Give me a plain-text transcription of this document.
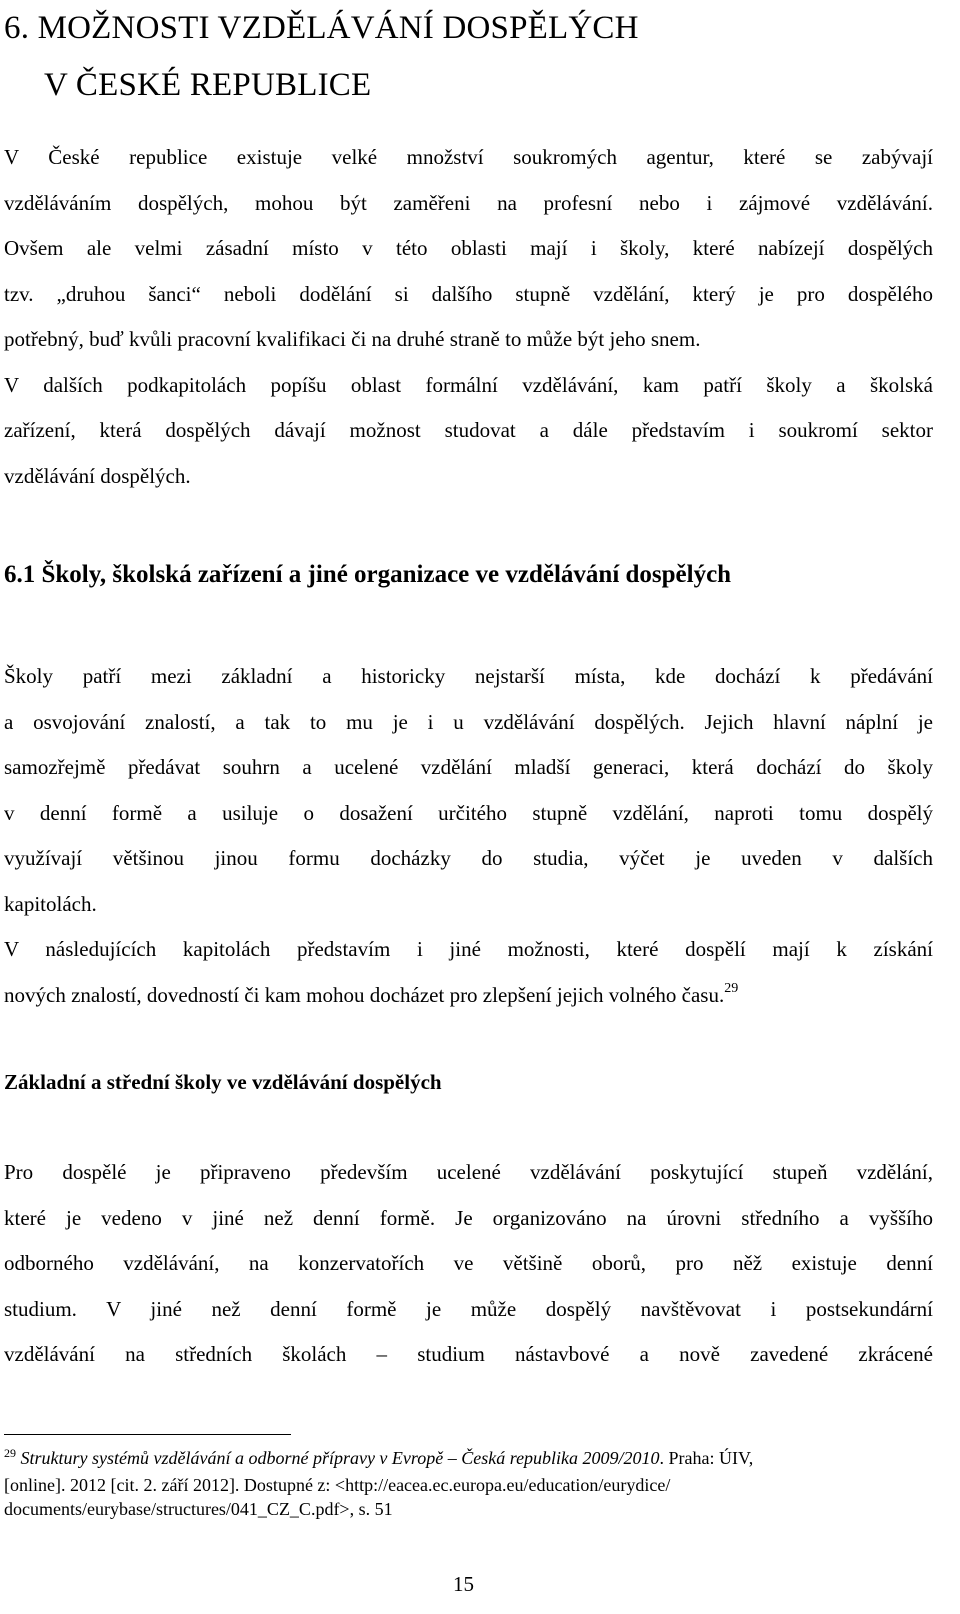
6. MOŽNOSTI VZDĚLÁVÁNÍ DOSPĚLÝCH
V ČESKÉ REPUBLICE
V České republice existuje velké množství soukromých agentur, které se zabývají
vzděláváním dospělých, mohou být zaměřeni na profesní nebo i zájmové vzdělávání.
Ovšem ale velmi zásadní místo v této oblasti mají i školy, které nabízejí dospělých
tzv. „druhou šanci“ neboli dodělání si dalšího stupně vzdělání, který je pro dospělého
potřebný, buď kvůli pracovní kvalifikaci či na druhé straně to může být jeho snem.
V dalších podkapitolách popíšu oblast formální vzdělávání, kam patří školy a školská
zařízení, která dospělých dávají možnost studovat a dále představím i soukromí sektor
vzdělávání dospělých.
6.1 Školy, školská zařízení a jiné organizace ve vzdělávání dospělých
Školy patří mezi základní a historicky nejstarší místa, kde dochází k předávání
a osvojování znalostí, a tak to mu je i u vzdělávání dospělých. Jejich hlavní náplní je
samozřejmě předávat souhrn a ucelené vzdělání mladší generaci, která dochází do školy
v denní formě a usiluje o dosažení určitého stupně vzdělání, naproti tomu dospělý
využívají většinou jinou formu docházky do studia, výčet je uveden v dalších
kapitolách.
V následujících kapitolách představím i jiné možnosti, které dospělí mají k získání
nových znalostí, dovedností či kam mohou docházet pro zlepšení jejich volného času.$^{29}$
Základní a střední školy ve vzdělávání dospělých
Pro dospělé je připraveno především ucelené vzdělávání poskytující stupeň vzdělání,
které je vedeno v jiné než denní formě. Je organizováno na úrovni středního a vyššího
odborného vzdělávání, na konzervatořích ve většině oborů, pro něž existuje denní
studium. V jiné než denní formě je může dospělý navštěvovat i postsekundární
vzdělávání na středních školách – studium nástavbové a nově zavedené zkrácené
$^{29}$ Struktury systémů vzdělávání a odborné přípravy v Evropě – Česká republika 2009/2010. Praha: ÚIV,
[online]. 2012 [cit. 2. září 2012]. Dostupné z: <http://eacea.ec.europa.eu/education/eurydice/
documents/eurybase/structures/041_CZ_C.pdf>, s. 51
15
